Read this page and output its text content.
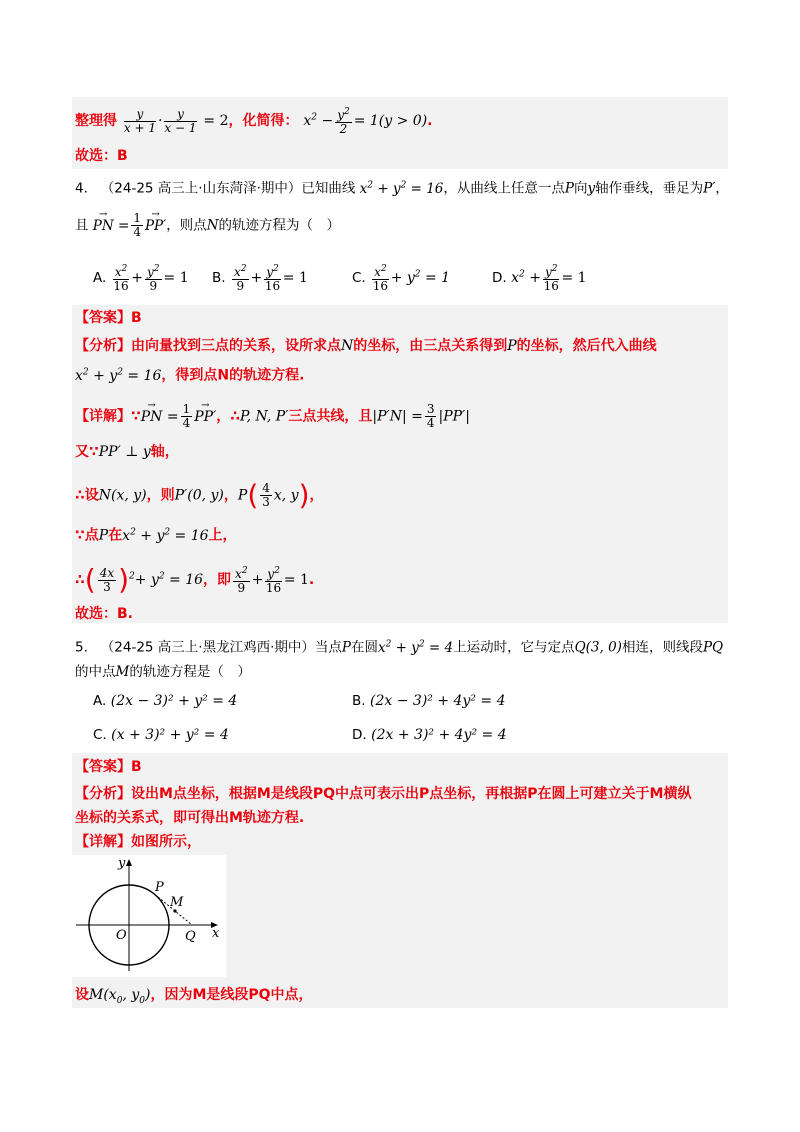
整理得 $\frac{y}{x + 1} \cdot \frac{y}{x - 1} = 2$，化简得： $x^2 - \frac{y^2}{2} = 1(y > 0)$.
故选：B
4. （24-25 高三上·山东菏泽·期中）已知曲线 $x^2 + y^2 = 16$，从曲线上任意一点P向y轴作垂线，垂足为P′，
且 → PN = $\frac{1}{4}$
→ PP′，则点N的轨迹方程为（　）
A. $\frac{x^2}{16} + \frac{y^2}{9} = 1$ B. $\frac{x^2}{9} + \frac{y^2}{16} = 1$	C. $\frac{x^2}{16} + y^2 = 1$	D. $x^2 + \frac{y^2}{16} = 1$
【答案】B
【分析】由向量找到三点的关系，设所求点N的坐标，由三点关系得到P的坐标，然后代入曲线
$x^2 + y^2 = 16$，得到点N的轨迹方程.
【详解】∵→ PN = $\frac{1}{4}$
→ PP′，∴P, N, P′三点共线，且$|P'N| = \frac{3}{4} |PP'|$
又∵PP′ ⊥ y轴，
∴设N(x, y)，则P′(0, y)，$P( \frac{4}{3} x$, y)，
∵点P在$x^2 + y^2 = 16$上，
∴( $\frac{4x}{3} )^2+ y^2 = 16$，即 $\frac{x^2}{9} + \frac{y^2}{16} = 1$.
故选：B.
5. （24-25 高三上·黑龙江鸡西·期中）当点P在圆$x^2 + y^2 = 4$上运动时，它与定点Q(3, 0)相连，则线段PQ
的中点M的轨迹方程是（　）
A. (2x − 3)² + y² = 4	B. (2x − 3)² + 4y² = 4
C. (x + 3)² + y² = 4	D. (2x + 3)² + 4y² = 4
【答案】B
【分析】设出M点坐标，根据M是线段PQ中点可表示出P点坐标，再根据P在圆上可建立关于M横纵
坐标的关系式，即可得出M轨迹方程.
【详解】如图所示，
y
x
P
M
O	Q
设$M(x_0$, $y_0$)，因为M是线段PQ中点，
